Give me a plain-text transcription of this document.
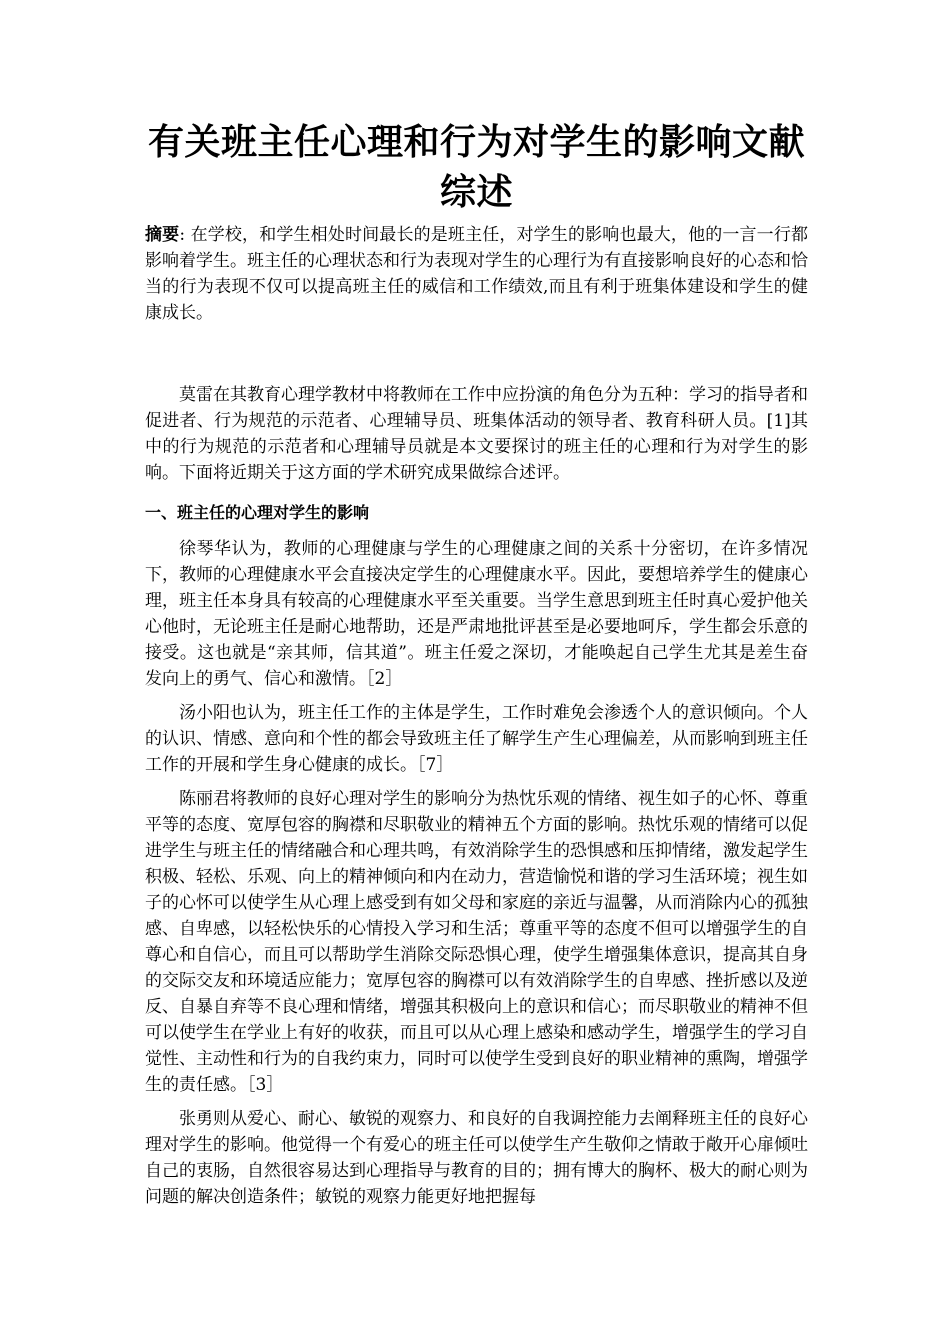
有关班主任心理和行为对学生的影响文献综述

摘要: 在学校，和学生相处时间最长的是班主任，对学生的影响也最大，他的一言一行都影响着学生。班主任的心理状态和行为表现对学生的心理行为有直接影响良好的心态和恰当的行为表现不仅可以提高班主任的威信和工作绩效,而且有利于班集体建设和学生的健康成长。

莫雷在其教育心理学教材中将教师在工作中应扮演的角色分为五种：学习的指导者和促进者、行为规范的示范者、心理辅导员、班集体活动的领导者、教育科研人员。[1]其中的行为规范的示范者和心理辅导员就是本文要探讨的班主任的心理和行为对学生的影响。下面将近期关于这方面的学术研究成果做综合述评。

一、班主任的心理对学生的影响

徐琴华认为，教师的心理健康与学生的心理健康之间的关系十分密切，在许多情况下，教师的心理健康水平会直接决定学生的心理健康水平。因此，要想培养学生的健康心理，班主任本身具有较高的心理健康水平至关重要。当学生意思到班主任时真心爱护他关心他时，无论班主任是耐心地帮助，还是严肃地批评甚至是必要地呵斥，学生都会乐意的接受。这也就是“亲其师，信其道”。班主任爱之深切，才能唤起自己学生尤其是差生奋发向上的勇气、信心和激情。［2］

汤小阳也认为，班主任工作的主体是学生，工作时难免会渗透个人的意识倾向。个人的认识、情感、意向和个性的都会导致班主任了解学生产生心理偏差，从而影响到班主任工作的开展和学生身心健康的成长。［7］

陈丽君将教师的良好心理对学生的影响分为热忱乐观的情绪、视生如子的心怀、尊重平等的态度、宽厚包容的胸襟和尽职敬业的精神五个方面的影响。热忱乐观的情绪可以促进学生与班主任的情绪融合和心理共鸣，有效消除学生的恐惧感和压抑情绪，激发起学生积极、轻松、乐观、向上的精神倾向和内在动力，营造愉悦和谐的学习生活环境；视生如子的心怀可以使学生从心理上感受到有如父母和家庭的亲近与温馨，从而消除内心的孤独感、自卑感，以轻松快乐的心情投入学习和生活；尊重平等的态度不但可以增强学生的自尊心和自信心，而且可以帮助学生消除交际恐惧心理，使学生增强集体意识，提高其自身的交际交友和环境适应能力；宽厚包容的胸襟可以有效消除学生的自卑感、挫折感以及逆反、自暴自弃等不良心理和情绪，增强其积极向上的意识和信心；而尽职敬业的精神不但可以使学生在学业上有好的收获，而且可以从心理上感染和感动学生，增强学生的学习自觉性、主动性和行为的自我约束力，同时可以使学生受到良好的职业精神的熏陶，增强学生的责任感。［3］

张勇则从爱心、耐心、敏锐的观察力、和良好的自我调控能力去阐释班主任的良好心理对学生的影响。他觉得一个有爱心的班主任可以使学生产生敬仰之情敢于敞开心扉倾吐自己的衷肠，自然很容易达到心理指导与教育的目的；拥有博大的胸杯、极大的耐心则为问题的解决创造条件；敏锐的观察力能更好地把握每
